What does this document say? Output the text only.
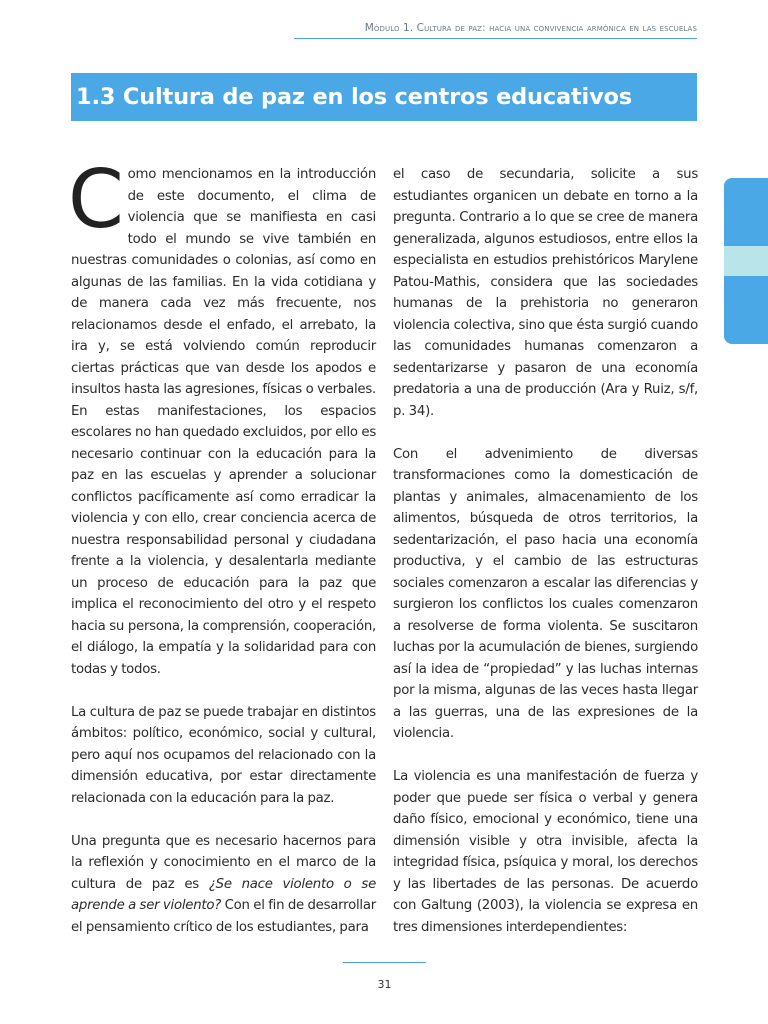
Módulo 1. Cultura de paz: hacia una convivencia armónica en las escuelas
1.3 Cultura de paz en los centros educativos

Como mencionamos en la introducción de este documento, el clima de violencia que se manifiesta en casi todo el mundo se vive también en nuestras comunidades o colonias, así como en algunas de las familias. En la vida cotidiana y de manera cada vez más frecuente, nos relacionamos desde el enfado, el arrebato, la ira y, se está volviendo común reproducir ciertas prácticas que van desde los apodos e insultos hasta las agresiones, físicas o verbales. En estas manifestaciones, los espacios escolares no han quedado excluidos, por ello es necesario continuar con la educación para la paz en las escuelas y aprender a solucionar conflictos pacíficamente así como erradicar la violencia y con ello, crear conciencia acerca de nuestra responsabilidad personal y ciudadana frente a la violencia, y desalentarla mediante un proceso de educación para la paz que implica el reconocimiento del otro y el respeto hacia su persona, la comprensión, cooperación, el diálogo, la empatía y la solidaridad para con todas y todos.

La cultura de paz se puede trabajar en distintos ámbitos: político, económico, social y cultural, pero aquí nos ocupamos del relacionado con la dimensión educativa, por estar directamente relacionada con la educación para la paz.

Una pregunta que es necesario hacernos para la reflexión y conocimiento en el marco de la cultura de paz es ¿Se nace violento o se aprende a ser violento? Con el fin de desarrollar el pensamiento crítico de los estudiantes, para

el caso de secundaria, solicite a sus estudiantes organicen un debate en torno a la pregunta. Contrario a lo que se cree de manera generalizada, algunos estudiosos, entre ellos la especialista en estudios prehistóricos Marylene Patou-Mathis, considera que las sociedades humanas de la prehistoria no generaron violencia colectiva, sino que ésta surgió cuando las comunidades humanas comenzaron a sedentarizarse y pasaron de una economía predatoria a una de producción (Ara y Ruiz, s/f, p. 34).

Con el advenimiento de diversas transformaciones como la domesticación de plantas y animales, almacenamiento de los alimentos, búsqueda de otros territorios, la sedentarización, el paso hacia una economía productiva, y el cambio de las estructuras sociales comenzaron a escalar las diferencias y surgieron los conflictos los cuales comenzaron a resolverse de forma violenta. Se suscitaron luchas por la acumulación de bienes, surgiendo así la idea de “propiedad” y las luchas internas por la misma, algunas de las veces hasta llegar a las guerras, una de las expresiones de la violencia.

La violencia es una manifestación de fuerza y poder que puede ser física o verbal y genera daño físico, emocional y económico, tiene una dimensión visible y otra invisible, afecta la integridad física, psíquica y moral, los derechos y las libertades de las personas. De acuerdo con Galtung (2003), la violencia se expresa en tres dimensiones interdependientes:

31
